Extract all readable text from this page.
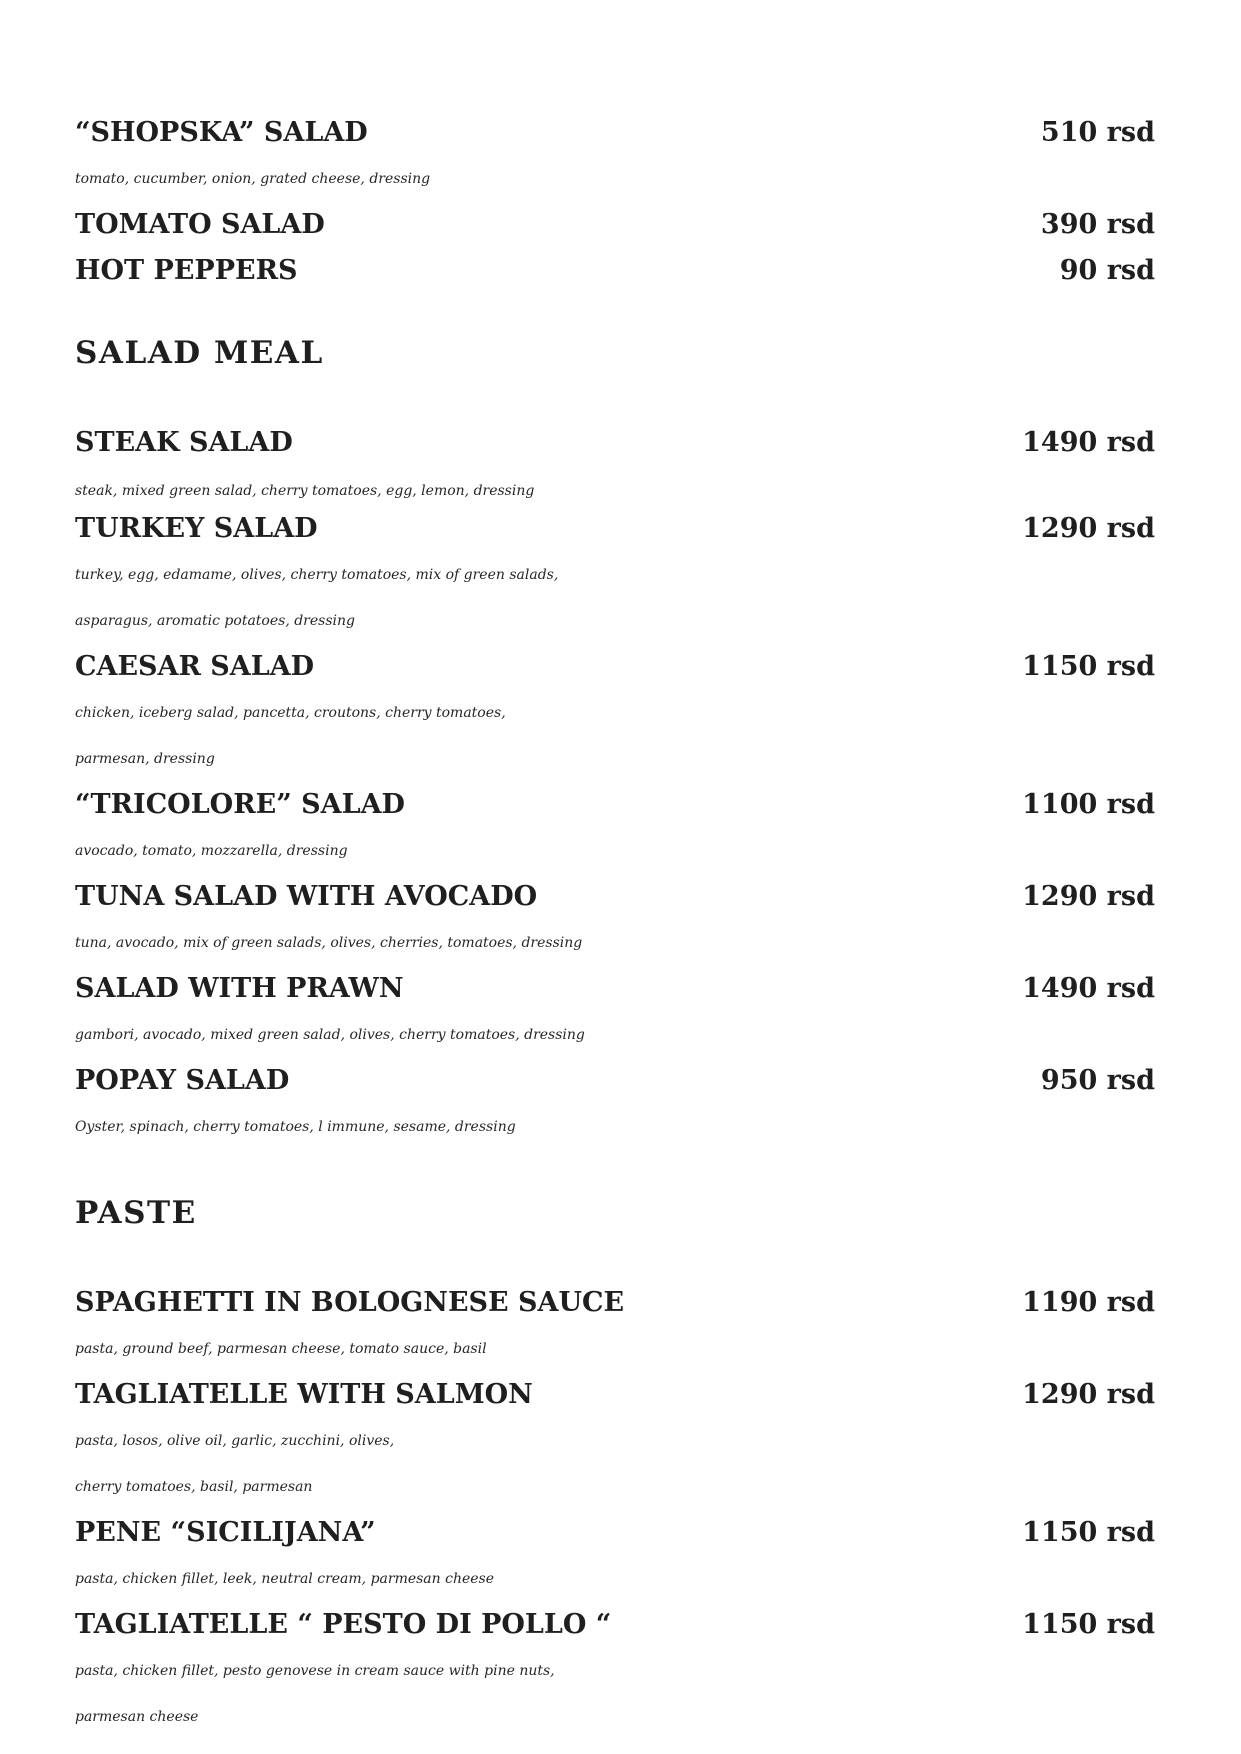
“SHOPSKA” SALAD	510 rsd
tomato, cucumber, onion, grated cheese, dressing
TOMATO SALAD	390 rsd
HOT PEPPERS	90 rsd
SALAD MEAL
STEAK SALAD	1490 rsd
steak, mixed green salad, cherry tomatoes, egg, lemon, dressing
TURKEY SALAD	1290 rsd
turkey, egg, edamame, olives, cherry tomatoes, mix of green salads,
asparagus, aromatic potatoes, dressing
CAESAR SALAD	1150 rsd
chicken, iceberg salad, pancetta, croutons, cherry tomatoes,
parmesan, dressing
“TRICOLORE” SALAD	1100 rsd
avocado, tomato, mozzarella, dressing
TUNA SALAD WITH AVOCADO	1290 rsd
tuna, avocado, mix of green salads, olives, cherries, tomatoes, dressing
SALAD WITH PRAWN	1490 rsd
gambori, avocado, mixed green salad, olives, cherry tomatoes, dressing
POPAY SALAD	950 rsd
Oyster, spinach, cherry tomatoes, l immune, sesame, dressing
PASTE
SPAGHETTI IN BOLOGNESE SAUCE	1190 rsd
pasta, ground beef, parmesan cheese, tomato sauce, basil
TAGLIATELLE WITH SALMON	1290 rsd
pasta, losos, olive oil, garlic, zucchini, olives,
cherry tomatoes, basil, parmesan
PENE “SICILIJANA”	1150 rsd
pasta, chicken fillet, leek, neutral cream, parmesan cheese
TAGLIATELLE “ PESTO DI POLLO “	1150 rsd
pasta, chicken fillet, pesto genovese in cream sauce with pine nuts,
parmesan cheese
